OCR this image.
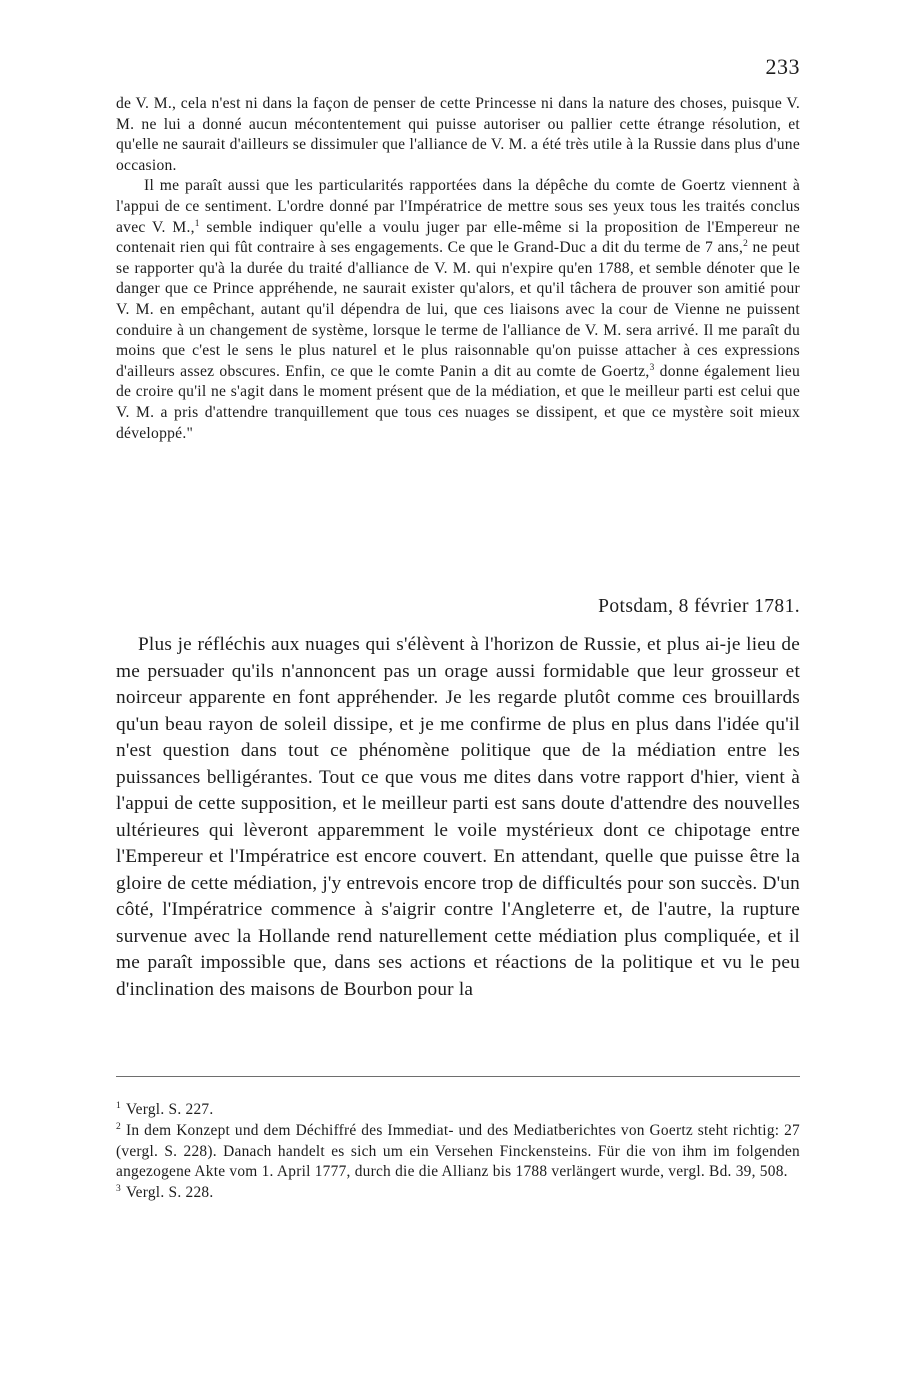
233

de V. M., cela n'est ni dans la façon de penser de cette Princesse ni dans la nature des choses, puisque V. M. ne lui a donné aucun mécontentement qui puisse autoriser ou pallier cette étrange résolution, et qu'elle ne saurait d'ailleurs se dissimuler que l'alliance de V. M. a été très utile à la Russie dans plus d'une occasion.

Il me paraît aussi que les particularités rapportées dans la dépêche du comte de Goertz viennent à l'appui de ce sentiment. L'ordre donné par l'Impératrice de mettre sous ses yeux tous les traités conclus avec V. M.,$^1$ semble indiquer qu'elle a voulu juger par elle-même si la proposition de l'Empereur ne contenait rien qui fût contraire à ses engagements. Ce que le Grand-Duc a dit du terme de 7 ans,$^2$ ne peut se rapporter qu'à la durée du traité d'alliance de V. M. qui n'expire qu'en 1788, et semble dénoter que le danger que ce Prince appréhende, ne saurait exister qu'alors, et qu'il tâchera de prouver son amitié pour V. M. en empêchant, autant qu'il dépendra de lui, que ces liaisons avec la cour de Vienne ne puissent conduire à un changement de système, lorsque le terme de l'alliance de V. M. sera arrivé. Il me paraît du moins que c'est le sens le plus naturel et le plus raisonnable qu'on puisse attacher à ces expressions d'ailleurs assez obscures. Enfin, ce que le comte Panin a dit au comte de Goertz,$^3$ donne également lieu de croire qu'il ne s'agit dans le moment présent que de la médiation, et que le meilleur parti est celui que V. M. a pris d'attendre tranquillement que tous ces nuages se dissipent, et que ce mystère soit mieux développé."

Potsdam, 8 février 1781.

Plus je réfléchis aux nuages qui s'élèvent à l'horizon de Russie, et plus ai-je lieu de me persuader qu'ils n'annoncent pas un orage aussi formidable que leur grosseur et noirceur apparente en font appréhender. Je les regarde plutôt comme ces brouillards qu'un beau rayon de soleil dissipe, et je me confirme de plus en plus dans l'idée qu'il n'est question dans tout ce phénomène politique que de la médiation entre les puissances belligérantes. Tout ce que vous me dites dans votre rapport d'hier, vient à l'appui de cette supposition, et le meilleur parti est sans doute d'attendre des nouvelles ultérieures qui lèveront apparemment le voile mystérieux dont ce chipotage entre l'Empereur et l'Impératrice est encore couvert. En attendant, quelle que puisse être la gloire de cette médiation, j'y entrevois encore trop de difficultés pour son succès. D'un côté, l'Impératrice commence à s'aigrir contre l'Angleterre et, de l'autre, la rupture survenue avec la Hollande rend naturellement cette médiation plus compliquée, et il me paraît impossible que, dans ses actions et réactions de la politique et vu le peu d'inclination des maisons de Bourbon pour la

$^1$ Vergl. S. 227.

$^2$ In dem Konzept und dem Déchiffré des Immediat- und des Mediatberichtes von Goertz steht richtig: 27 (vergl. S. 228). Danach handelt es sich um ein Versehen Finckensteins. Für die von ihm im folgenden angezogene Akte vom 1. April 1777, durch die die Allianz bis 1788 verlängert wurde, vergl. Bd. 39, 508.

$^3$ Vergl. S. 228.
